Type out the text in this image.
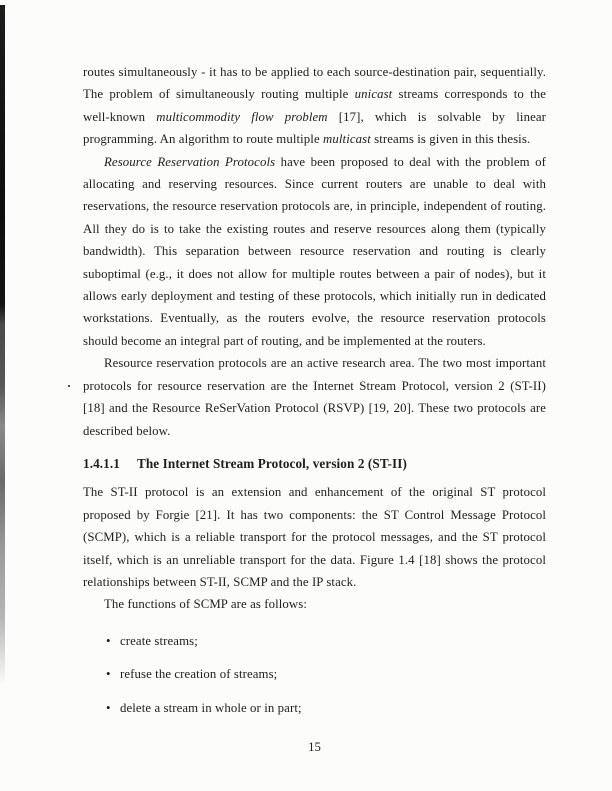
routes simultaneously - it has to be applied to each source-destination pair, sequentially. The problem of simultaneously routing multiple unicast streams corresponds to the well-known multicommodity flow problem [17], which is solvable by linear programming. An algorithm to route multiple multicast streams is given in this thesis.

Resource Reservation Protocols have been proposed to deal with the problem of allocating and reserving resources. Since current routers are unable to deal with reservations, the resource reservation protocols are, in principle, independent of routing. All they do is to take the existing routes and reserve resources along them (typically bandwidth). This separation between resource reservation and routing is clearly suboptimal (e.g., it does not allow for multiple routes between a pair of nodes), but it allows early deployment and testing of these protocols, which initially run in dedicated workstations. Eventually, as the routers evolve, the resource reservation protocols should become an integral part of routing, and be implemented at the routers.

Resource reservation protocols are an active research area. The two most important protocols for resource reservation are the Internet Stream Protocol, version 2 (ST-II) [18] and the Resource ReSerVation Protocol (RSVP) [19, 20]. These two protocols are described below.

1.4.1.1 The Internet Stream Protocol, version 2 (ST-II)

The ST-II protocol is an extension and enhancement of the original ST protocol proposed by Forgie [21]. It has two components: the ST Control Message Protocol (SCMP), which is a reliable transport for the protocol messages, and the ST protocol itself, which is an unreliable transport for the data. Figure 1.4 [18] shows the protocol relationships between ST-II, SCMP and the IP stack.

The functions of SCMP are as follows:

• create streams;
• refuse the creation of streams;
• delete a stream in whole or in part;
15
